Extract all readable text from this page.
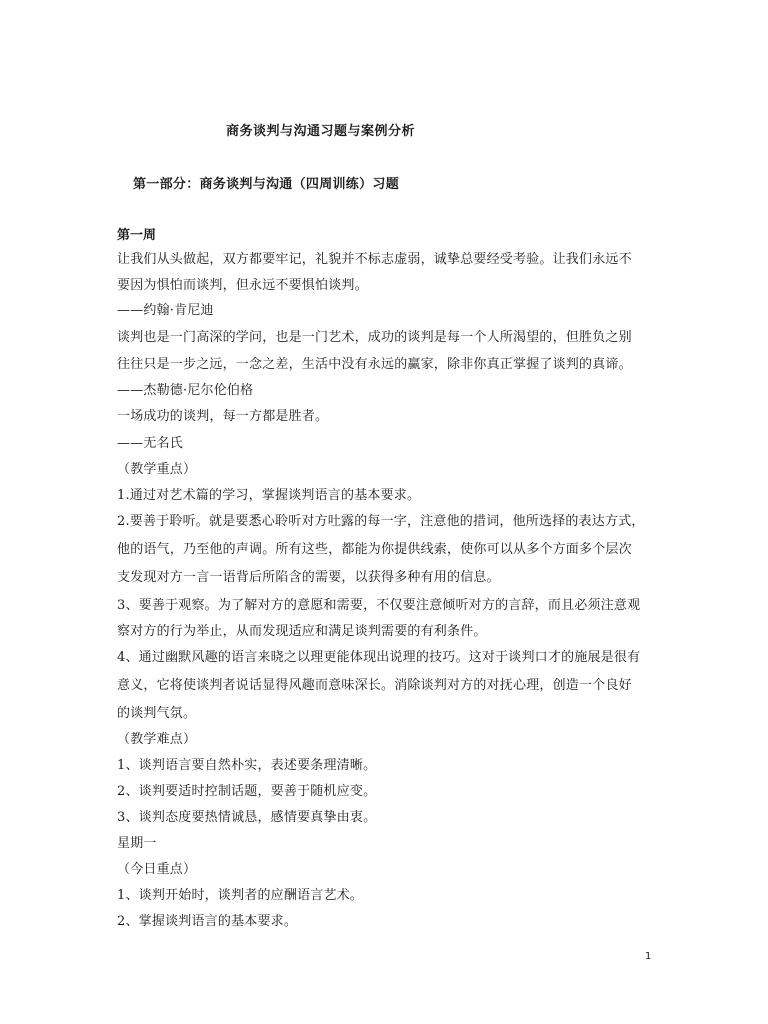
商务谈判与沟通习题与案例分析
第一部分：商务谈判与沟通（四周训练）习题
第一周
让我们从头做起，双方都要牢记，礼貌并不标志虚弱，诚挚总要经受考验。让我们永远不
要因为惧怕而谈判，但永远不要惧怕谈判。
——约翰·肯尼迪
谈判也是一门高深的学问，也是一门艺术，成功的谈判是每一个人所渴望的，但胜负之别
往往只是一步之远，一念之差，生活中没有永远的赢家，除非你真正掌握了谈判的真谛。
——杰勒德·尼尔伦伯格
一场成功的谈判，每一方都是胜者。
——无名氏
（教学重点）
1.通过对艺术篇的学习，掌握谈判语言的基本要求。
2.要善于聆听。就是要悉心聆听对方吐露的每一字，注意他的措词，他所选择的表达方式，
他的语气，乃至他的声调。所有这些，都能为你提供线索，使你可以从多个方面多个层次
支发现对方一言一语背后所陷含的需要，以获得多种有用的信息。
3、要善于观察。为了解对方的意愿和需要，不仅要注意倾听对方的言辞，而且必须注意观
察对方的行为举止，从而发现适应和满足谈判需要的有利条件。
4、通过幽默风趣的语言来晓之以理更能体现出说理的技巧。这对于谈判口才的施展是很有
意义，它将使谈判者说话显得风趣而意味深长。消除谈判对方的对抚心理，创造一个良好
的谈判气氛。
（教学难点）
1、谈判语言要自然朴实，表述要条理清晰。
2、谈判要适时控制话题，要善于随机应变。
3、谈判态度要热情诚恳，感情要真挚由衷。
星期一
（今日重点）
1、谈判开始时，谈判者的应酬语言艺术。
2、掌握谈判语言的基本要求。
1
